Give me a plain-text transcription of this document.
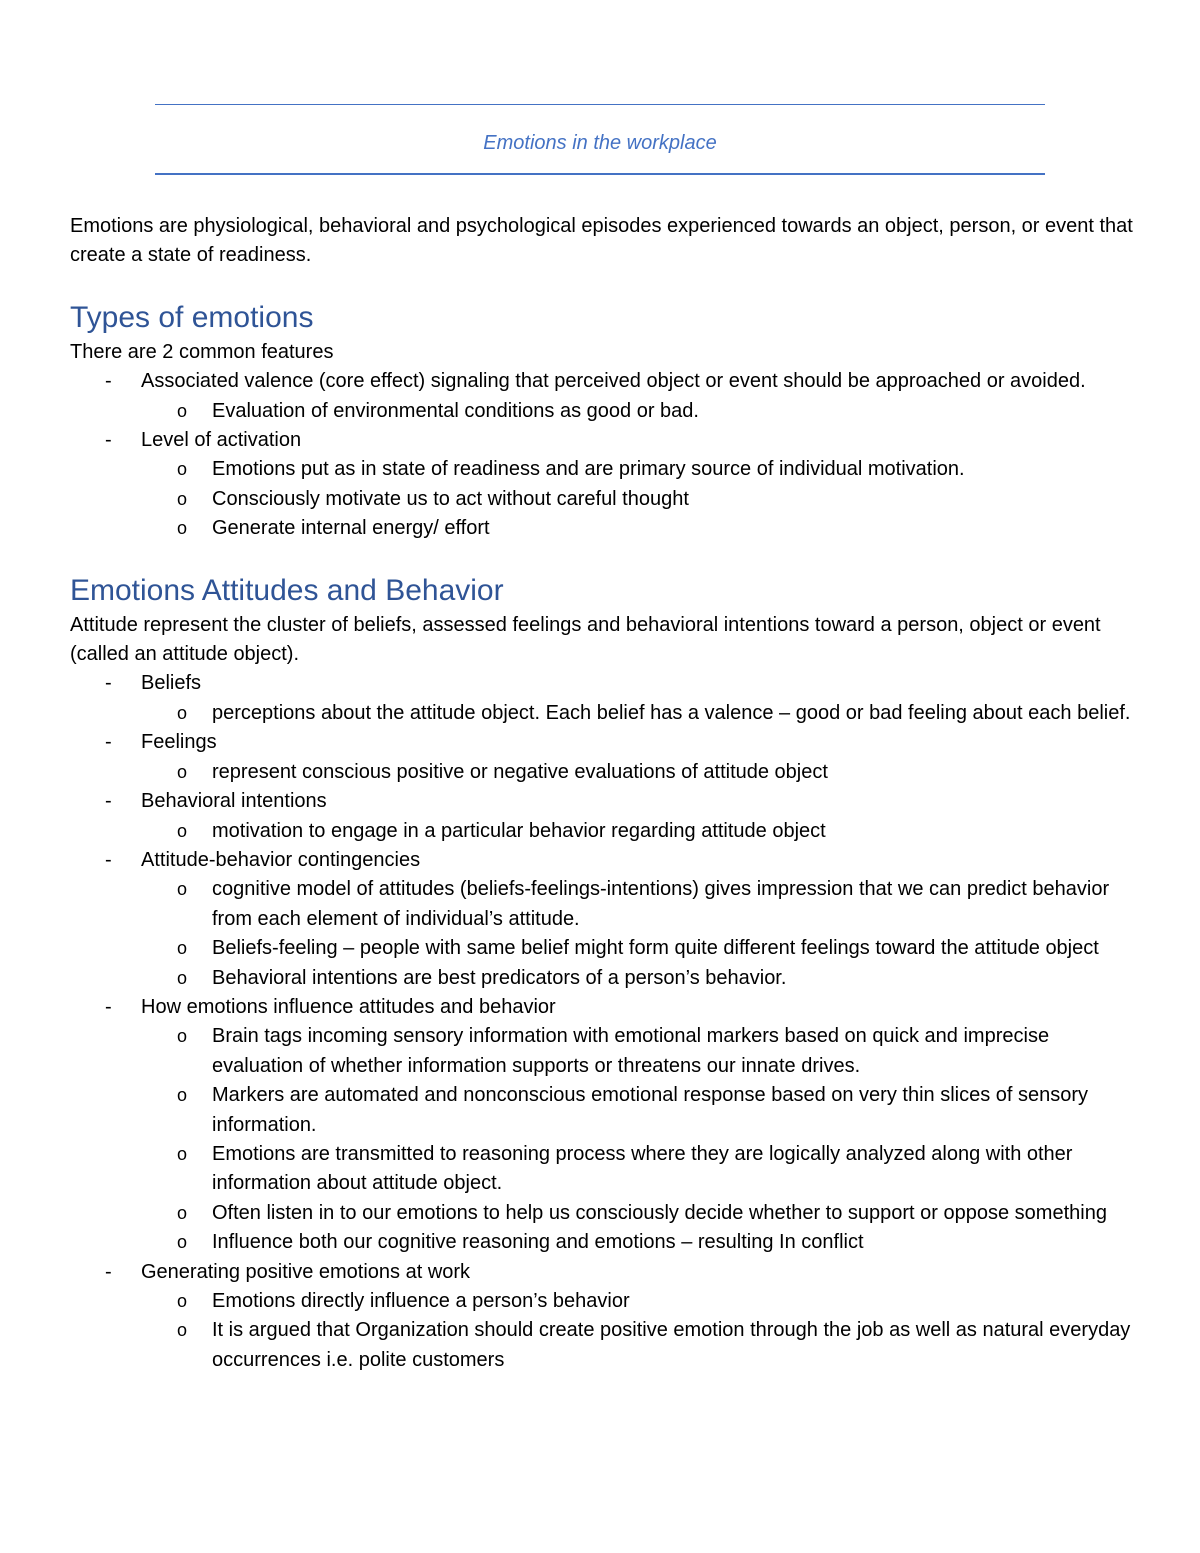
Emotions in the workplace

Emotions are physiological, behavioral and psychological episodes experienced towards an object, person, or event that create a state of readiness.

Types of emotions

There are 2 common features

- Associated valence (core effect) signaling that perceived object or event should be approached or avoided.
o Evaluation of environmental conditions as good or bad.
- Level of activation
o Emotions put as in state of readiness and are primary source of individual motivation.
o Consciously motivate us to act without careful thought
o Generate internal energy/ effort
Emotions Attitudes and Behavior

Attitude represent the cluster of beliefs, assessed feelings and behavioral intentions toward a person, object or event (called an attitude object).

- Beliefs
o perceptions about the attitude object. Each belief has a valence – good or bad feeling about each belief.
- Feelings
o represent conscious positive or negative evaluations of attitude object
- Behavioral intentions
o motivation to engage in a particular behavior regarding attitude object
- Attitude-behavior contingencies
o cognitive model of attitudes (beliefs-feelings-intentions) gives impression that we can predict behavior from each element of individual’s attitude.
o Beliefs-feeling – people with same belief might form quite different feelings toward the attitude object
o Behavioral intentions are best predicators of a person’s behavior.
- How emotions influence attitudes and behavior
o Brain tags incoming sensory information with emotional markers based on quick and imprecise evaluation of whether information supports or threatens our innate drives.
o Markers are automated and nonconscious emotional response based on very thin slices of sensory information.
o Emotions are transmitted to reasoning process where they are logically analyzed along with other information about attitude object.
o Often listen in to our emotions to help us consciously decide whether to support or oppose something
o Influence both our cognitive reasoning and emotions – resulting In conflict
- Generating positive emotions at work
o Emotions directly influence a person’s behavior
o It is argued that Organization should create positive emotion through the job as well as natural everyday occurrences i.e. polite customers
